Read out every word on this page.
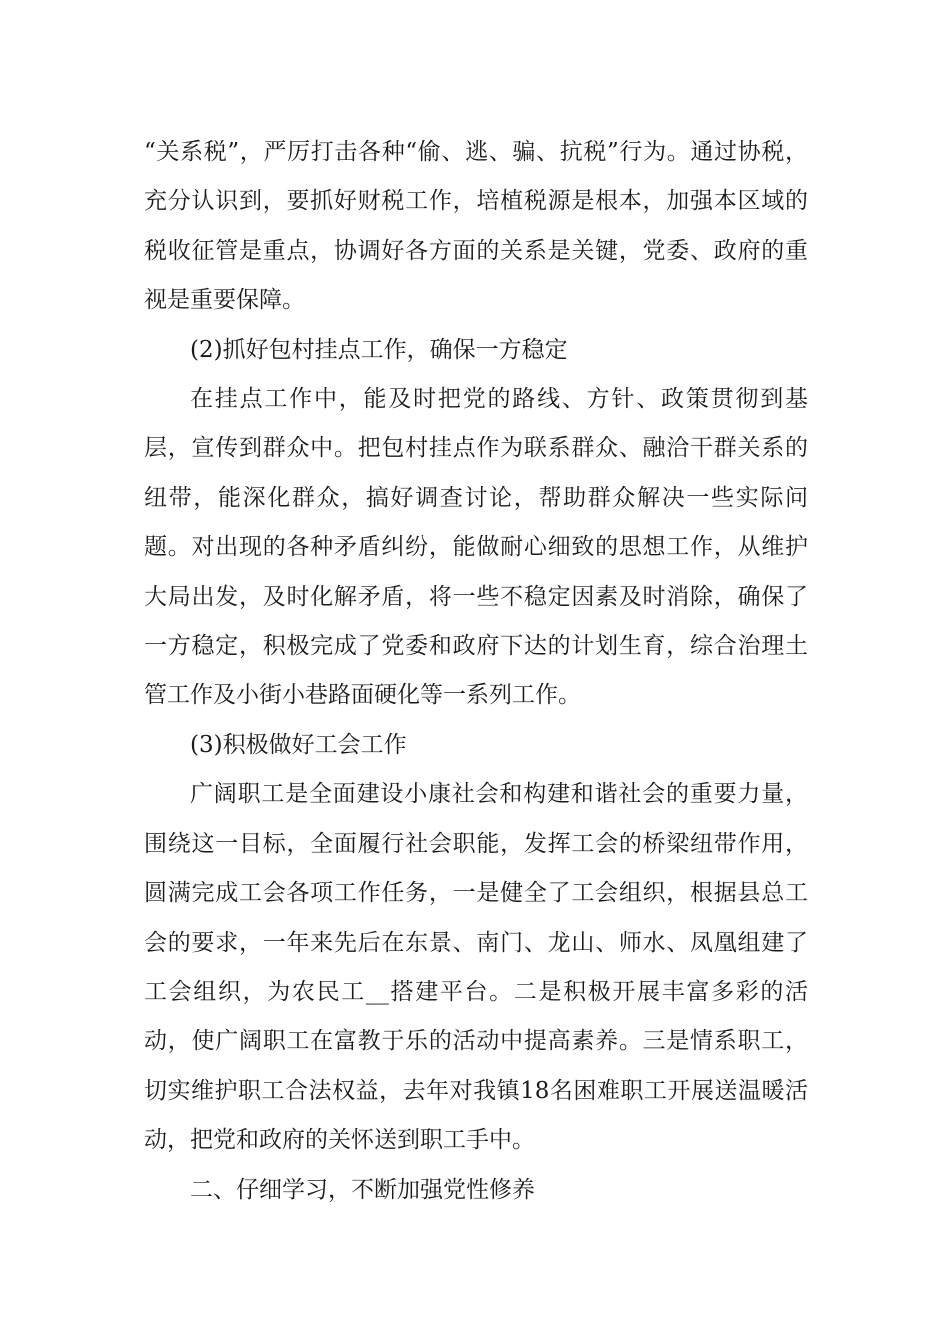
“关系税”，严厉打击各种“偷、逃、骗、抗税”行为。通过协税，充分认识到，要抓好财税工作，培植税源是根本，加强本区域的税收征管是重点，协调好各方面的关系是关键，党委、政府的重视是重要保障。

(2)抓好包村挂点工作，确保一方稳定

在挂点工作中，能及时把党的路线、方针、政策贯彻到基层，宣传到群众中。把包村挂点作为联系群众、融洽干群关系的纽带，能深化群众，搞好调查讨论，帮助群众解决一些实际问题。对出现的各种矛盾纠纷，能做耐心细致的思想工作，从维护大局出发，及时化解矛盾，将一些不稳定因素及时消除，确保了一方稳定，积极完成了党委和政府下达的计划生育，综合治理土管工作及小街小巷路面硬化等一系列工作。

(3)积极做好工会工作

广阔职工是全面建设小康社会和构建和谐社会的重要力量，围绕这一目标，全面履行社会职能，发挥工会的桥梁纽带作用，圆满完成工会各项工作任务，一是健全了工会组织，根据县总工会的要求，一年来先后在东景、南门、龙山、师水、凤凰组建了工会组织，为农民工__搭建平台。二是积极开展丰富多彩的活动，使广阔职工在富教于乐的活动中提高素养。三是情系职工，切实维护职工合法权益，去年对我镇18名困难职工开展送温暖活动，把党和政府的关怀送到职工手中。

二、仔细学习，不断加强党性修养
